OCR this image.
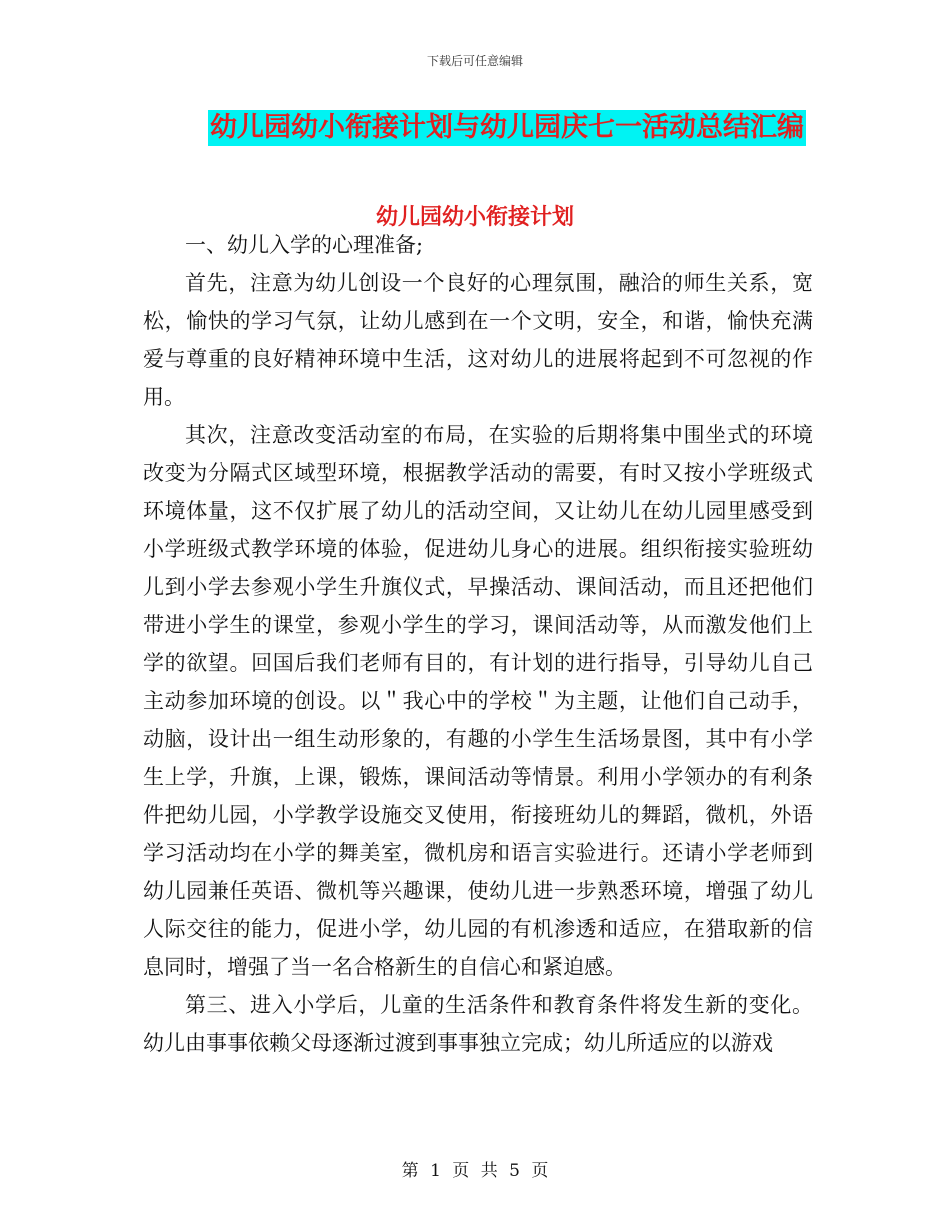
下载后可任意编辑
幼儿园幼小衔接计划与幼儿园庆七一活动总结汇编
幼儿园幼小衔接计划

一、幼儿入学的心理准备;

首先，注意为幼儿创设一个良好的心理氛围，融洽的师生关系，宽松，愉快的学习气氛，让幼儿感到在一个文明，安全，和谐，愉快充满爱与尊重的良好精神环境中生活，这对幼儿的进展将起到不可忽视的作用。

其次，注意改变活动室的布局，在实验的后期将集中围坐式的环境改变为分隔式区域型环境，根据教学活动的需要，有时又按小学班级式环境体量，这不仅扩展了幼儿的活动空间，又让幼儿在幼儿园里感受到小学班级式教学环境的体验，促进幼儿身心的进展。组织衔接实验班幼儿到小学去参观小学生升旗仪式，早操活动、课间活动，而且还把他们带进小学生的课堂，参观小学生的学习，课间活动等，从而激发他们上学的欲望。回国后我们老师有目的，有计划的进行指导，引导幼儿自己主动参加环境的创设。以＂我心中的学校＂为主题，让他们自己动手，动脑，设计出一组生动形象的，有趣的小学生生活场景图，其中有小学生上学，升旗，上课，锻炼，课间活动等情景。利用小学领办的有利条件把幼儿园，小学教学设施交叉使用，衔接班幼儿的舞蹈，微机，外语学习活动均在小学的舞美室，微机房和语言实验进行。还请小学老师到幼儿园兼任英语、微机等兴趣课，使幼儿进一步熟悉环境，增强了幼儿人际交往的能力，促进小学，幼儿园的有机渗透和适应，在猎取新的信息同时，增强了当一名合格新生的自信心和紧迫感。

第三、进入小学后，儿童的生活条件和教育条件将发生新的变化。幼儿由事事依赖父母逐渐过渡到事事独立完成；幼儿所适应的以游戏

第 1 页 共 5 页
